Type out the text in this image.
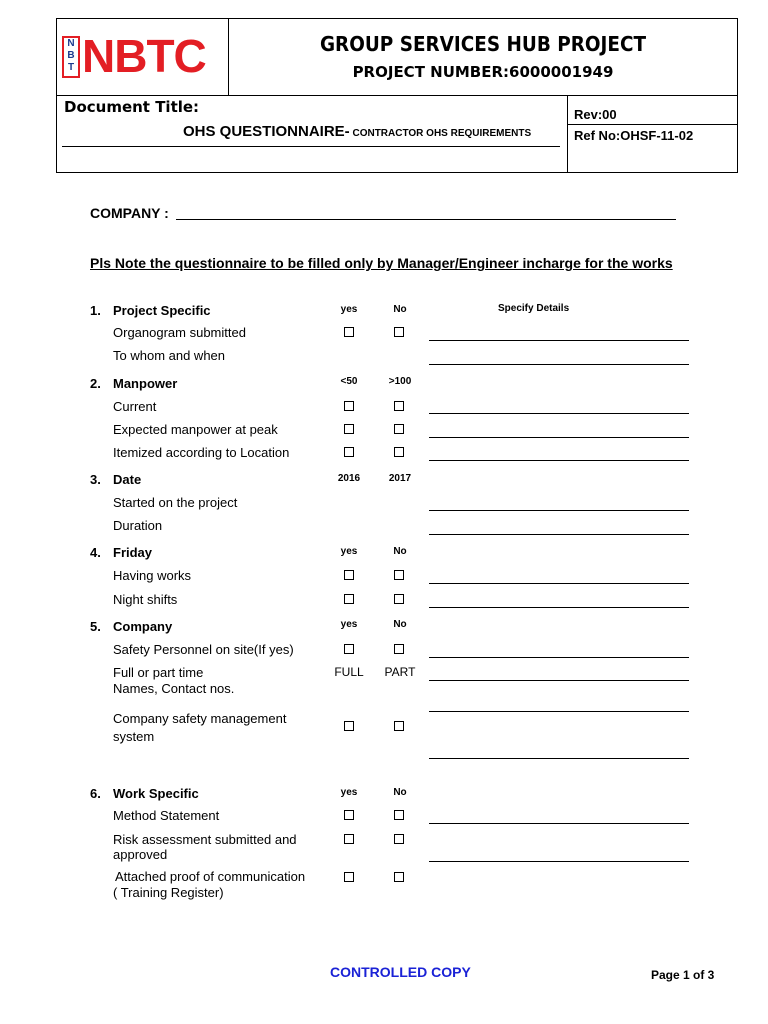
N
B
T NBTC	GROUP SERVICES HUB PROJECT
PROJECT NUMBER:6000001949
Document Title:
OHS QUESTIONNAIRE- CONTRACTOR OHS REQUIREMENTS
Rev:00
Ref No:OHSF-11-02
COMPANY :
Pls Note the questionnaire to be filled only by Manager/Engineer incharge for the works
Specify Details
1. Project Specific	yes	No
Organogram submitted
To whom and when
2. Manpower	<50	>100
Current
Expected manpower at peak
Itemized according to Location
3. Date	2016	2017
Started on the project
Duration
4. Friday	yes	No
Having works
Night shifts
5. Company	yes	No
Safety Personnel on site(If yes)
Full or part time	FULL	PART
Names, Contact nos.
Company safety management
system
6. Work Specific	yes	No
Method Statement
Risk assessment submitted and
approved
Attached proof of communication
( Training Register)
CONTROLLED COPY	Page 1 of 3
